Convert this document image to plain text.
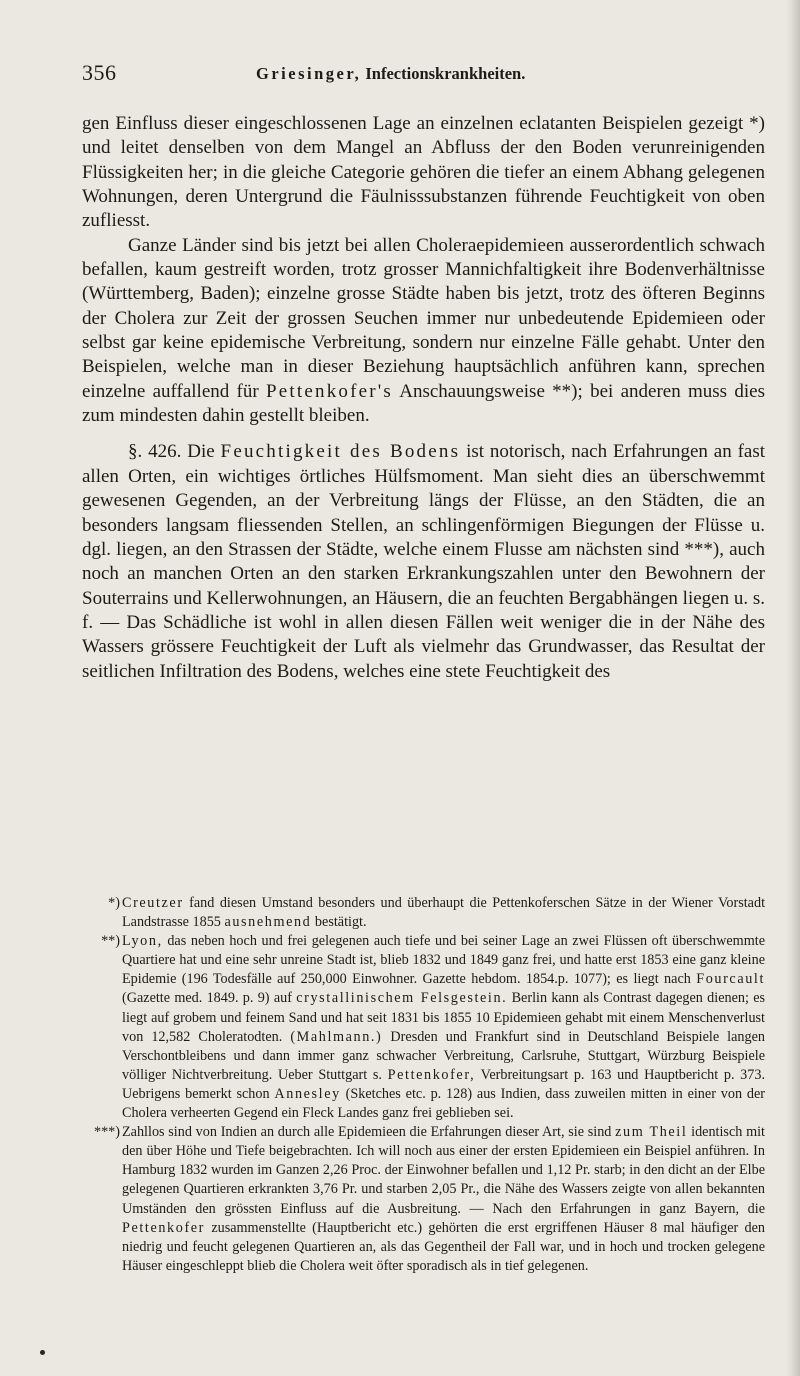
356	Griesinger, Infectionskrankheiten.

gen Einfluss dieser eingeschlossenen Lage an einzelnen eclatanten Beispielen gezeigt *) und leitet denselben von dem Mangel an Abfluss der den Boden verunreinigenden Flüssigkeiten her; in die gleiche Categorie gehören die tiefer an einem Abhang gelegenen Wohnungen, deren Untergrund die Fäulnisssubstanzen führende Feuchtigkeit von oben zufliesst.

Ganze Länder sind bis jetzt bei allen Choleraepidemieen ausserordentlich schwach befallen, kaum gestreift worden, trotz grosser Mannichfaltigkeit ihre Bodenverhältnisse (Württemberg, Baden); einzelne grosse Städte haben bis jetzt, trotz des öfteren Beginns der Cholera zur Zeit der grossen Seuchen immer nur unbedeutende Epidemieen oder selbst gar keine epidemische Verbreitung, sondern nur einzelne Fälle gehabt. Unter den Beispielen, welche man in dieser Beziehung hauptsächlich anführen kann, sprechen einzelne auffallend für Pettenkofer's Anschauungsweise **); bei anderen muss dies zum mindesten dahin gestellt bleiben.

§. 426. Die Feuchtigkeit des Bodens ist notorisch, nach Erfahrungen an fast allen Orten, ein wichtiges örtliches Hülfsmoment. Man sieht dies an überschwemmt gewesenen Gegenden, an der Verbreitung längs der Flüsse, an den Städten, die an besonders langsam fliessenden Stellen, an schlingenförmigen Biegungen der Flüsse u. dgl. liegen, an den Strassen der Städte, welche einem Flusse am nächsten sind ***), auch noch an manchen Orten an den starken Erkrankungszahlen unter den Bewohnern der Souterrains und Kellerwohnungen, an Häusern, die an feuchten Bergabhängen liegen u. s. f. — Das Schädliche ist wohl in allen diesen Fällen weit weniger die in der Nähe des Wassers grössere Feuchtigkeit der Luft als vielmehr das Grundwasser, das Resultat der seitlichen Infiltration des Bodens, welches eine stete Feuchtigkeit des

*) Creutzer fand diesen Umstand besonders und überhaupt die Pettenkoferschen Sätze in der Wiener Vorstadt Landstrasse 1855 ausnehmend bestätigt.

**) Lyon, das neben hoch und frei gelegenen auch tiefe und bei seiner Lage an zwei Flüssen oft überschwemmte Quartiere hat und eine sehr unreine Stadt ist, blieb 1832 und 1849 ganz frei, und hatte erst 1853 eine ganz kleine Epidemie (196 Todesfälle auf 250,000 Einwohner. Gazette hebdom. 1854.p. 1077); es liegt nach Fourcault (Gazette med. 1849. p. 9) auf crystallinischem Felsgestein. Berlin kann als Contrast dagegen dienen; es liegt auf grobem und feinem Sand und hat seit 1831 bis 1855 10 Epidemieen gehabt mit einem Menschenverlust von 12,582 Choleratodten. (Mahlmann.) Dresden und Frankfurt sind in Deutschland Beispiele langen Verschontbleibens und dann immer ganz schwacher Verbreitung, Carlsruhe, Stuttgart, Würzburg Beispiele völliger Nichtverbreitung. Ueber Stuttgart s. Pettenkofer, Verbreitungsart p. 163 und Hauptbericht p. 373. Uebrigens bemerkt schon Annesley (Sketches etc. p. 128) aus Indien, dass zuweilen mitten in einer von der Cholera verheerten Gegend ein Fleck Landes ganz frei geblieben sei.

***) Zahllos sind von Indien an durch alle Epidemieen die Erfahrungen dieser Art, sie sind zum Theil identisch mit den über Höhe und Tiefe beigebrachten. Ich will noch aus einer der ersten Epidemieen ein Beispiel anführen. In Hamburg 1832 wurden im Ganzen 2,26 Proc. der Einwohner befallen und 1,12 Pr. starb; in den dicht an der Elbe gelegenen Quartieren erkrankten 3,76 Pr. und starben 2,05 Pr., die Nähe des Wassers zeigte von allen bekannten Umständen den grössten Einfluss auf die Ausbreitung. — Nach den Erfahrungen in ganz Bayern, die Pettenkofer zusammenstellte (Hauptbericht etc.) gehörten die erst ergriffenen Häuser 8 mal häufiger den niedrig und feucht gelegenen Quartieren an, als das Gegentheil der Fall war, und in hoch und trocken gelegene Häuser eingeschleppt blieb die Cholera weit öfter sporadisch als in tief gelegenen.
